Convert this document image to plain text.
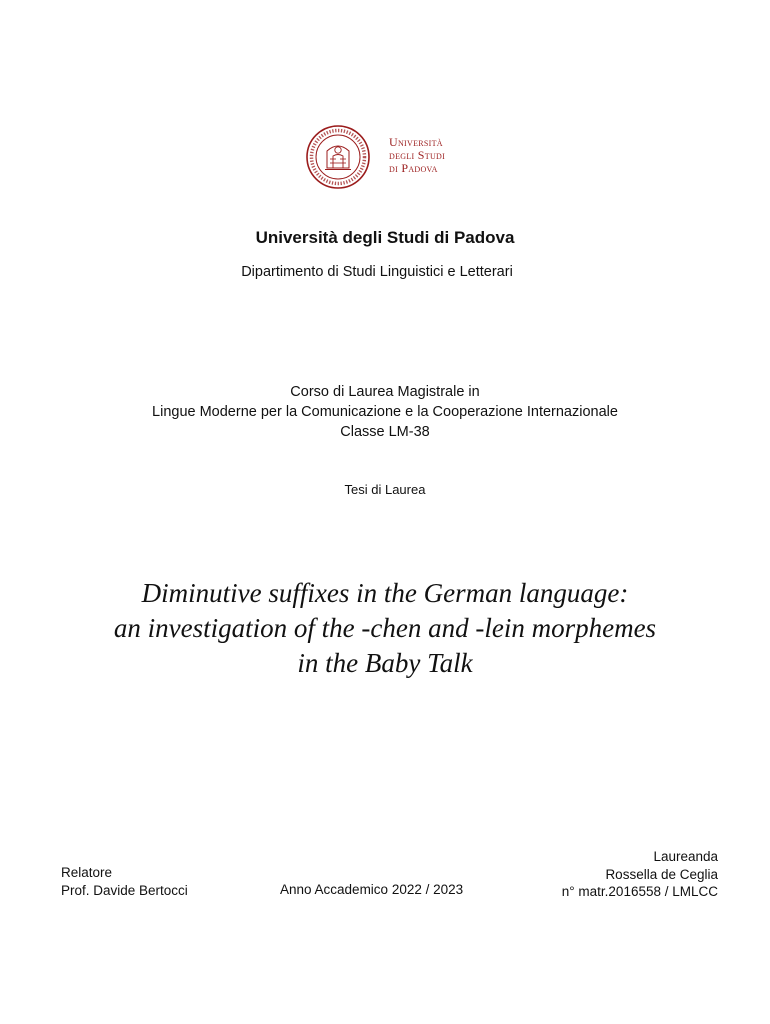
Università
degli Studi
di Padova
Università degli Studi di Padova
Dipartimento di Studi Linguistici e Letterari
Corso di Laurea Magistrale in
Lingue Moderne per la Comunicazione e la Cooperazione Internazionale
Classe LM-38
Tesi di Laurea
Diminutive suffixes in the German language:
an investigation of the -chen and -lein morphemes
in the Baby Talk
Relatore
Prof. Davide Bertocci	Anno Accademico 2022 / 2023
Laureanda
Rossella de Ceglia
n° matr.2016558 / LMLCC
